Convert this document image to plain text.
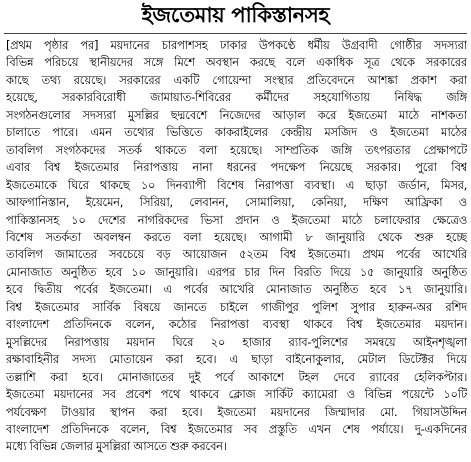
ইজতেমায় পাকিস্তানসহ
[প্রথম পৃষ্ঠার পর] ময়দানের চারপাশসহ ঢাকার উপকণ্ঠে ধর্মীয় উগ্রবাদী গোষ্ঠীর সদস্যরা
বিভিন্ন পরিচয়ে স্থানীয়দের সঙ্গে মিশে অবস্থান করছে বলে একাধিক সূত্র থেকে সরকারের
কাছে তথ্য রয়েছে। সরকারের একটি গোয়েন্দা সংস্থার প্রতিবেদনে আশঙ্কা প্রকাশ করা
হয়েছে, সরকারবিরোধী জামায়াত-শিবিরের কর্মীদের সহযোগিতায় নিষিদ্ধ জঙ্গি
সংগঠনগুলোর সদস্যরা মুসল্লির ছদ্মবেশে নিজেদের আড়াল করে ইজতেমা মাঠে নাশকতা
চালাতে পারে। এমন তথ্যের ভিত্তিতে কাকরাইলের কেন্দ্রীয় মসজিদ ও ইজতেমা মাঠের
তাবলিগ সংগঠকদের সতর্ক থাকতে বলা হয়েছে। সাম্প্রতিক জঙ্গি তৎপরতার প্রেক্ষাপটে
এবার বিশ্ব ইজতেমার নিরাপত্তায় নানা ধরনের পদক্ষেপ নিয়েছে সরকার। পুরো বিশ্ব
ইজতেমাকে ঘিরে থাকছে ১০ দিনব্যাপী বিশেষ নিরাপত্তা ব্যবস্থা। এ ছাড়া জর্ডান, মিসর,
আফগানিস্তান, ইয়েমেন, সিরিয়া, লেবানন, সোমালিয়া, কেনিয়া, দক্ষিণ আফ্রিকা ও
পাকিস্তানসহ ১০ দেশের নাগরিকদের ভিসা প্রদান ও ইজতেমা মাঠে চলাফেরার ক্ষেত্রেও
বিশেষ সতর্কতা অবলম্বন করতে বলা হয়েছে। আগামী ৮ জানুয়ারি থেকে শুরু হচ্ছে
তাবলিগ জামাতের সবচেয়ে বড় আয়োজন ৫২তম বিশ্ব ইজতেমা। প্রথম পর্বের আখেরি
মোনাজাত অনুষ্ঠিত হবে ১০ জানুয়ারি। এরপর চার দিন বিরতি দিয়ে ১৫ জানুয়ারি অনুষ্ঠিত
হবে দ্বিতীয় পর্বের ইজতেমা। এ পর্বের আখেরি মোনাজাত অনুষ্ঠিত হবে ১৭ জানুয়ারি।
বিশ্ব ইজতেমার সার্বিক বিষয়ে জানতে চাইলে গাজীপুর পুলিশ সুপার হারুন-অর রশিদ
বাংলাদেশ প্রতিদিনকে বলেন, কঠোর নিরাপত্তা ব্যবস্থা থাকবে বিশ্ব ইজতেমার ময়দান।
মুসল্লিদের নিরাপত্তায় ময়দান ঘিরে ২০ হাজার র‌্যাব-পুলিশের সমন্বয়ে আইনশৃঙ্খলা
রক্ষাবাহিনীর সদস্য মোতায়েন করা হবে। এ ছাড়া বাইনোকুলার, মেটাল ডিটেক্টর দিয়ে
তল্লাশি করা হবে। মোনাজাতের দুই পর্বে আকাশে টহল দেবে র‌্যাবের হেলিকপ্টার।
ইজতেমা ময়দানের সব প্রবেশ পথে থাকবে ক্লোজ সার্কিট ক্যামেরা ও বিভিন্ন পয়েন্টে ১০টি
পর্যবেক্ষণ টাওয়ার স্থাপন করা হবে। ইজতেমা ময়দানের জিম্মাদার মো. গিয়াসউদ্দিন
বাংলাদেশ প্রতিদিনকে বলেন, বিশ্ব ইজতেমার সব প্রস্তুতি এখন শেষ পর্যায়ে। দু-একদিনের
মধ্যে বিভিন্ন জেলার মুসল্লিরা আসতে শুরু করবেন।
